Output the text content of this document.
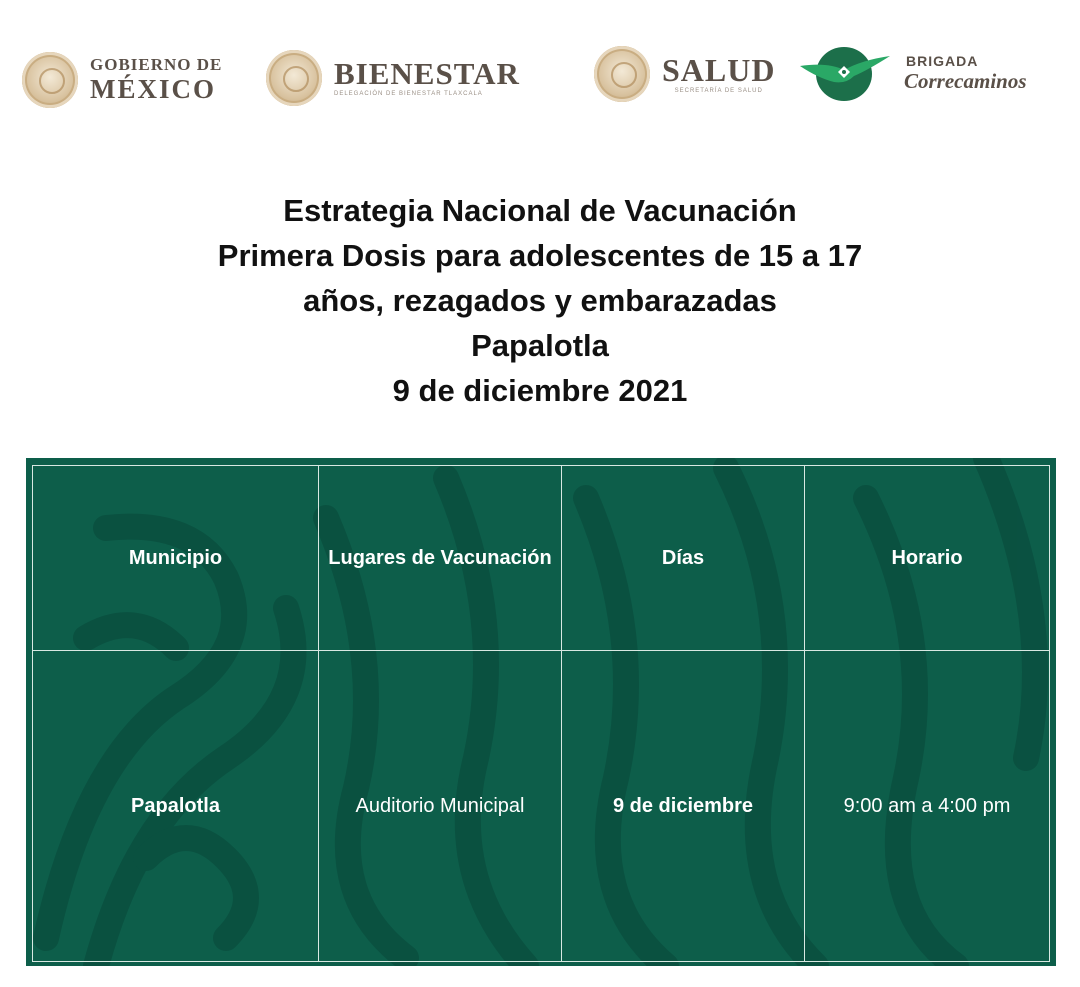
GOBIERNO DE
MÉXICO	BIENESTAR
DELEGACIÓN DE BIENESTAR TLAXCALA
SALUD
SECRETARÍA DE SALUD
BRIGADA
Correcaminos
Estrategia Nacional de Vacunación
Primera Dosis para adolescentes de 15 a 17
años, rezagados y embarazadas
Papalotla
9 de diciembre 2021
Municipio	Lugares de Vacunación	Días	Horario
Papalotla	Auditorio Municipal	9 de diciembre	9:00 am a 4:00 pm
